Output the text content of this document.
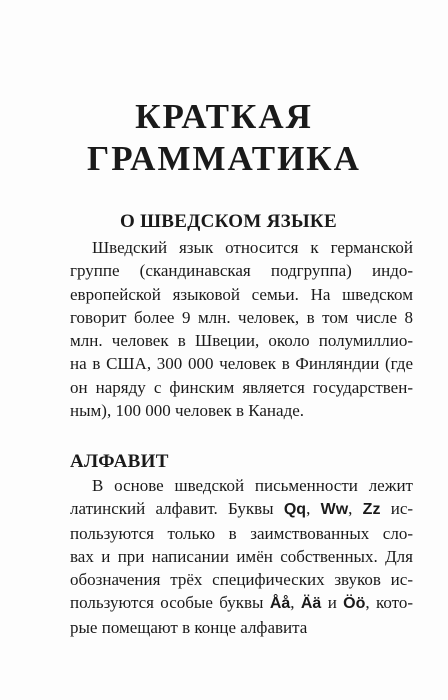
КРАТКАЯ
ГРАММАТИКА
О ШВЕДСКОМ ЯЗЫКЕ
Шведский язык относится к германской
группе (скандинавская подгруппа) индо-
европейской языковой семьи. На шведском
говорит более 9 млн. человек, в том числе 8
млн. человек в Швеции, около полумиллио-
на в США, 300 000 человек в Финляндии (где
он наряду с финским является государствен-
ным), 100 000 человек в Канаде.
АЛФАВИТ
В основе шведской письменности лежит
латинский алфавит. Буквы Qq, Ww, Zz ис-
пользуются только в заимствованных сло-
вах и при написании имён собственных. Для
обозначения трёх специфических звуков ис-
пользуются особые буквы Åå, Ää и Öö, кото-
рые помещают в конце алфавита
